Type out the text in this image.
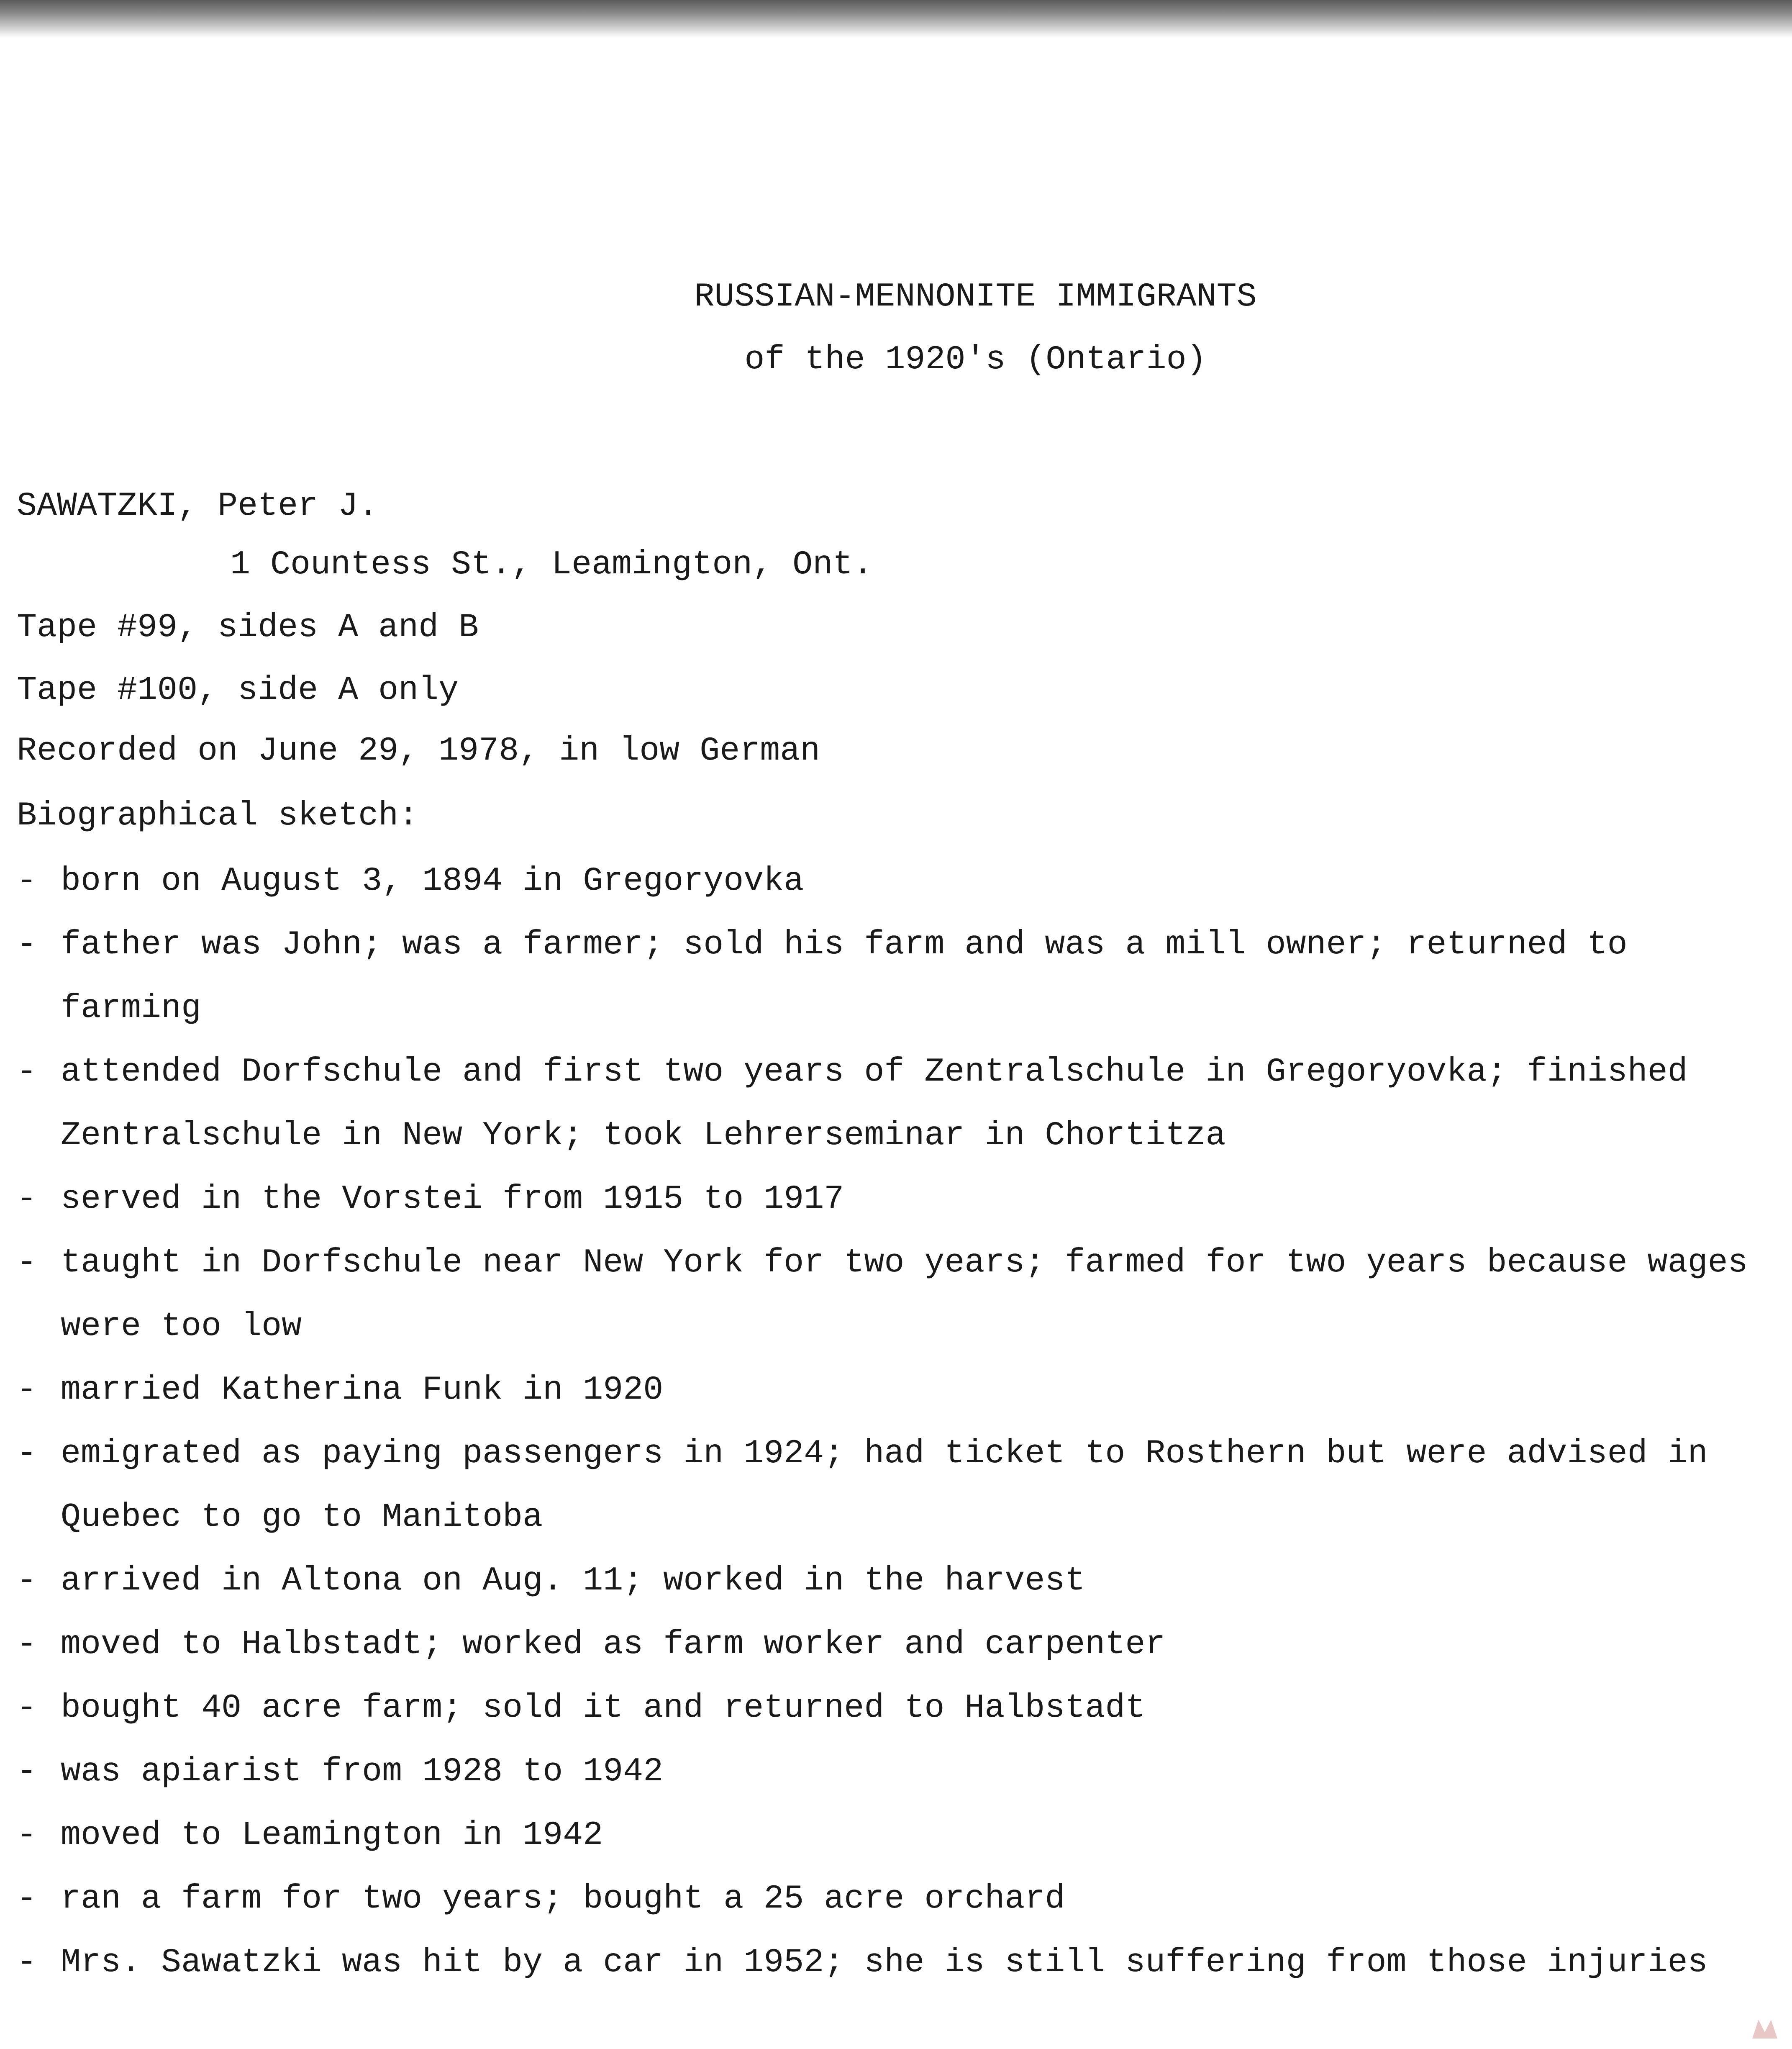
RUSSIAN-MENNONITE IMMIGRANTS
of the 1920's (Ontario)
SAWATZKI, Peter J.
1 Countess St., Leamington, Ont.
Tape #99, sides A and B
Tape #100, side A only
Recorded on June 29, 1978, in low German
Biographical sketch:
- born on August 3, 1894 in Gregoryovka
- father was John; was a farmer; sold his farm and was a mill owner; returned to farming
- attended Dorfschule and first two years of Zentralschule in Gregoryovka; finished Zentralschule in New York; took Lehrerseminar in Chortitza
- served in the Vorstei from 1915 to 1917
- taught in Dorfschule near New York for two years; farmed for two years because wages were too low
- married Katherina Funk in 1920
- emigrated as paying passengers in 1924; had ticket to Rosthern but were advised in Quebec to go to Manitoba
- arrived in Altona on Aug. 11; worked in the harvest
- moved to Halbstadt; worked as farm worker and carpenter
- bought 40 acre farm; sold it and returned to Halbstadt
- was apiarist from 1928 to 1942
- moved to Leamington in 1942
- ran a farm for two years; bought a 25 acre orchard
- Mrs. Sawatzki was hit by a car in 1952; she is still suffering from those injuries
